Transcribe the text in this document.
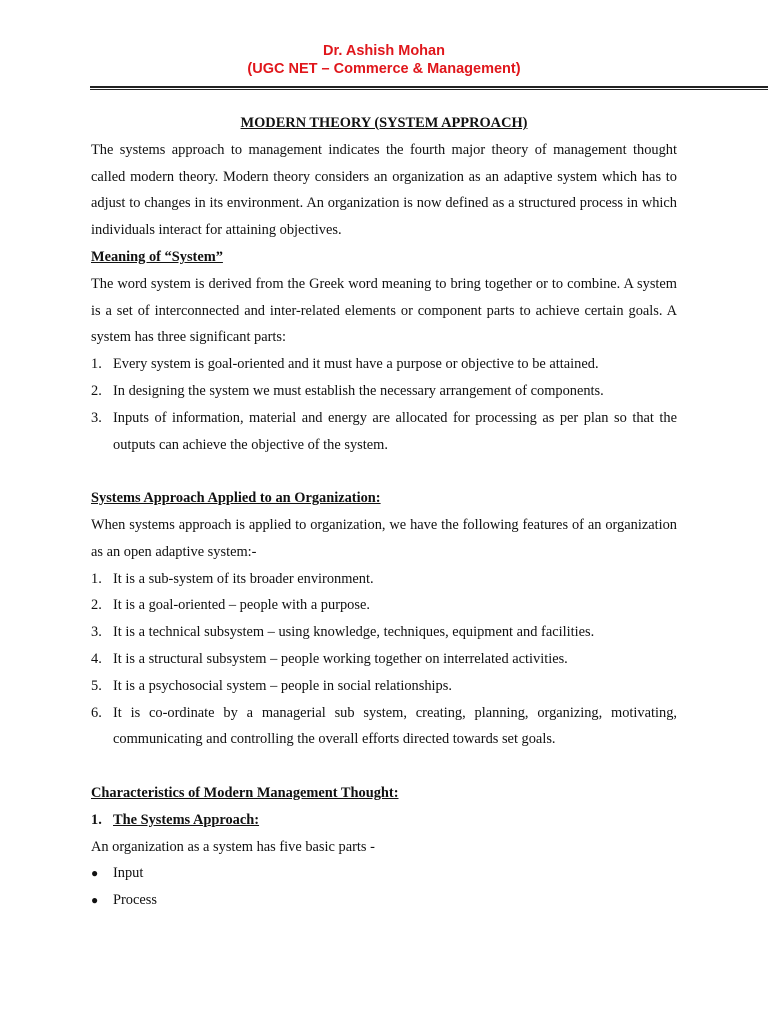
Dr. Ashish Mohan
(UGC NET – Commerce & Management)

MODERN THEORY (SYSTEM APPROACH)

The systems approach to management indicates the fourth major theory of management thought called modern theory. Modern theory considers an organization as an adaptive system which has to adjust to changes in its environment. An organization is now defined as a structured process in which individuals interact for attaining objectives.

Meaning of “System”

The word system is derived from the Greek word meaning to bring together or to combine. A system is a set of interconnected and inter-related elements or component parts to achieve certain goals. A system has three significant parts:

1. Every system is goal-oriented and it must have a purpose or objective to be attained.
2. In designing the system we must establish the necessary arrangement of components.
3. Inputs of information, material and energy are allocated for processing as per plan so that the outputs can achieve the objective of the system.

Systems Approach Applied to an Organization:

When systems approach is applied to organization, we have the following features of an organization as an open adaptive system:-

1. It is a sub-system of its broader environment.
2. It is a goal-oriented – people with a purpose.
3. It is a technical subsystem – using knowledge, techniques, equipment and facilities.
4. It is a structural subsystem – people working together on interrelated activities.
5. It is a psychosocial system – people in social relationships.
6. It is co-ordinate by a managerial sub system, creating, planning, organizing, motivating, communicating and controlling the overall efforts directed towards set goals.

Characteristics of Modern Management Thought:

1. The Systems Approach:

An organization as a system has five basic parts -

● Input
● Process
